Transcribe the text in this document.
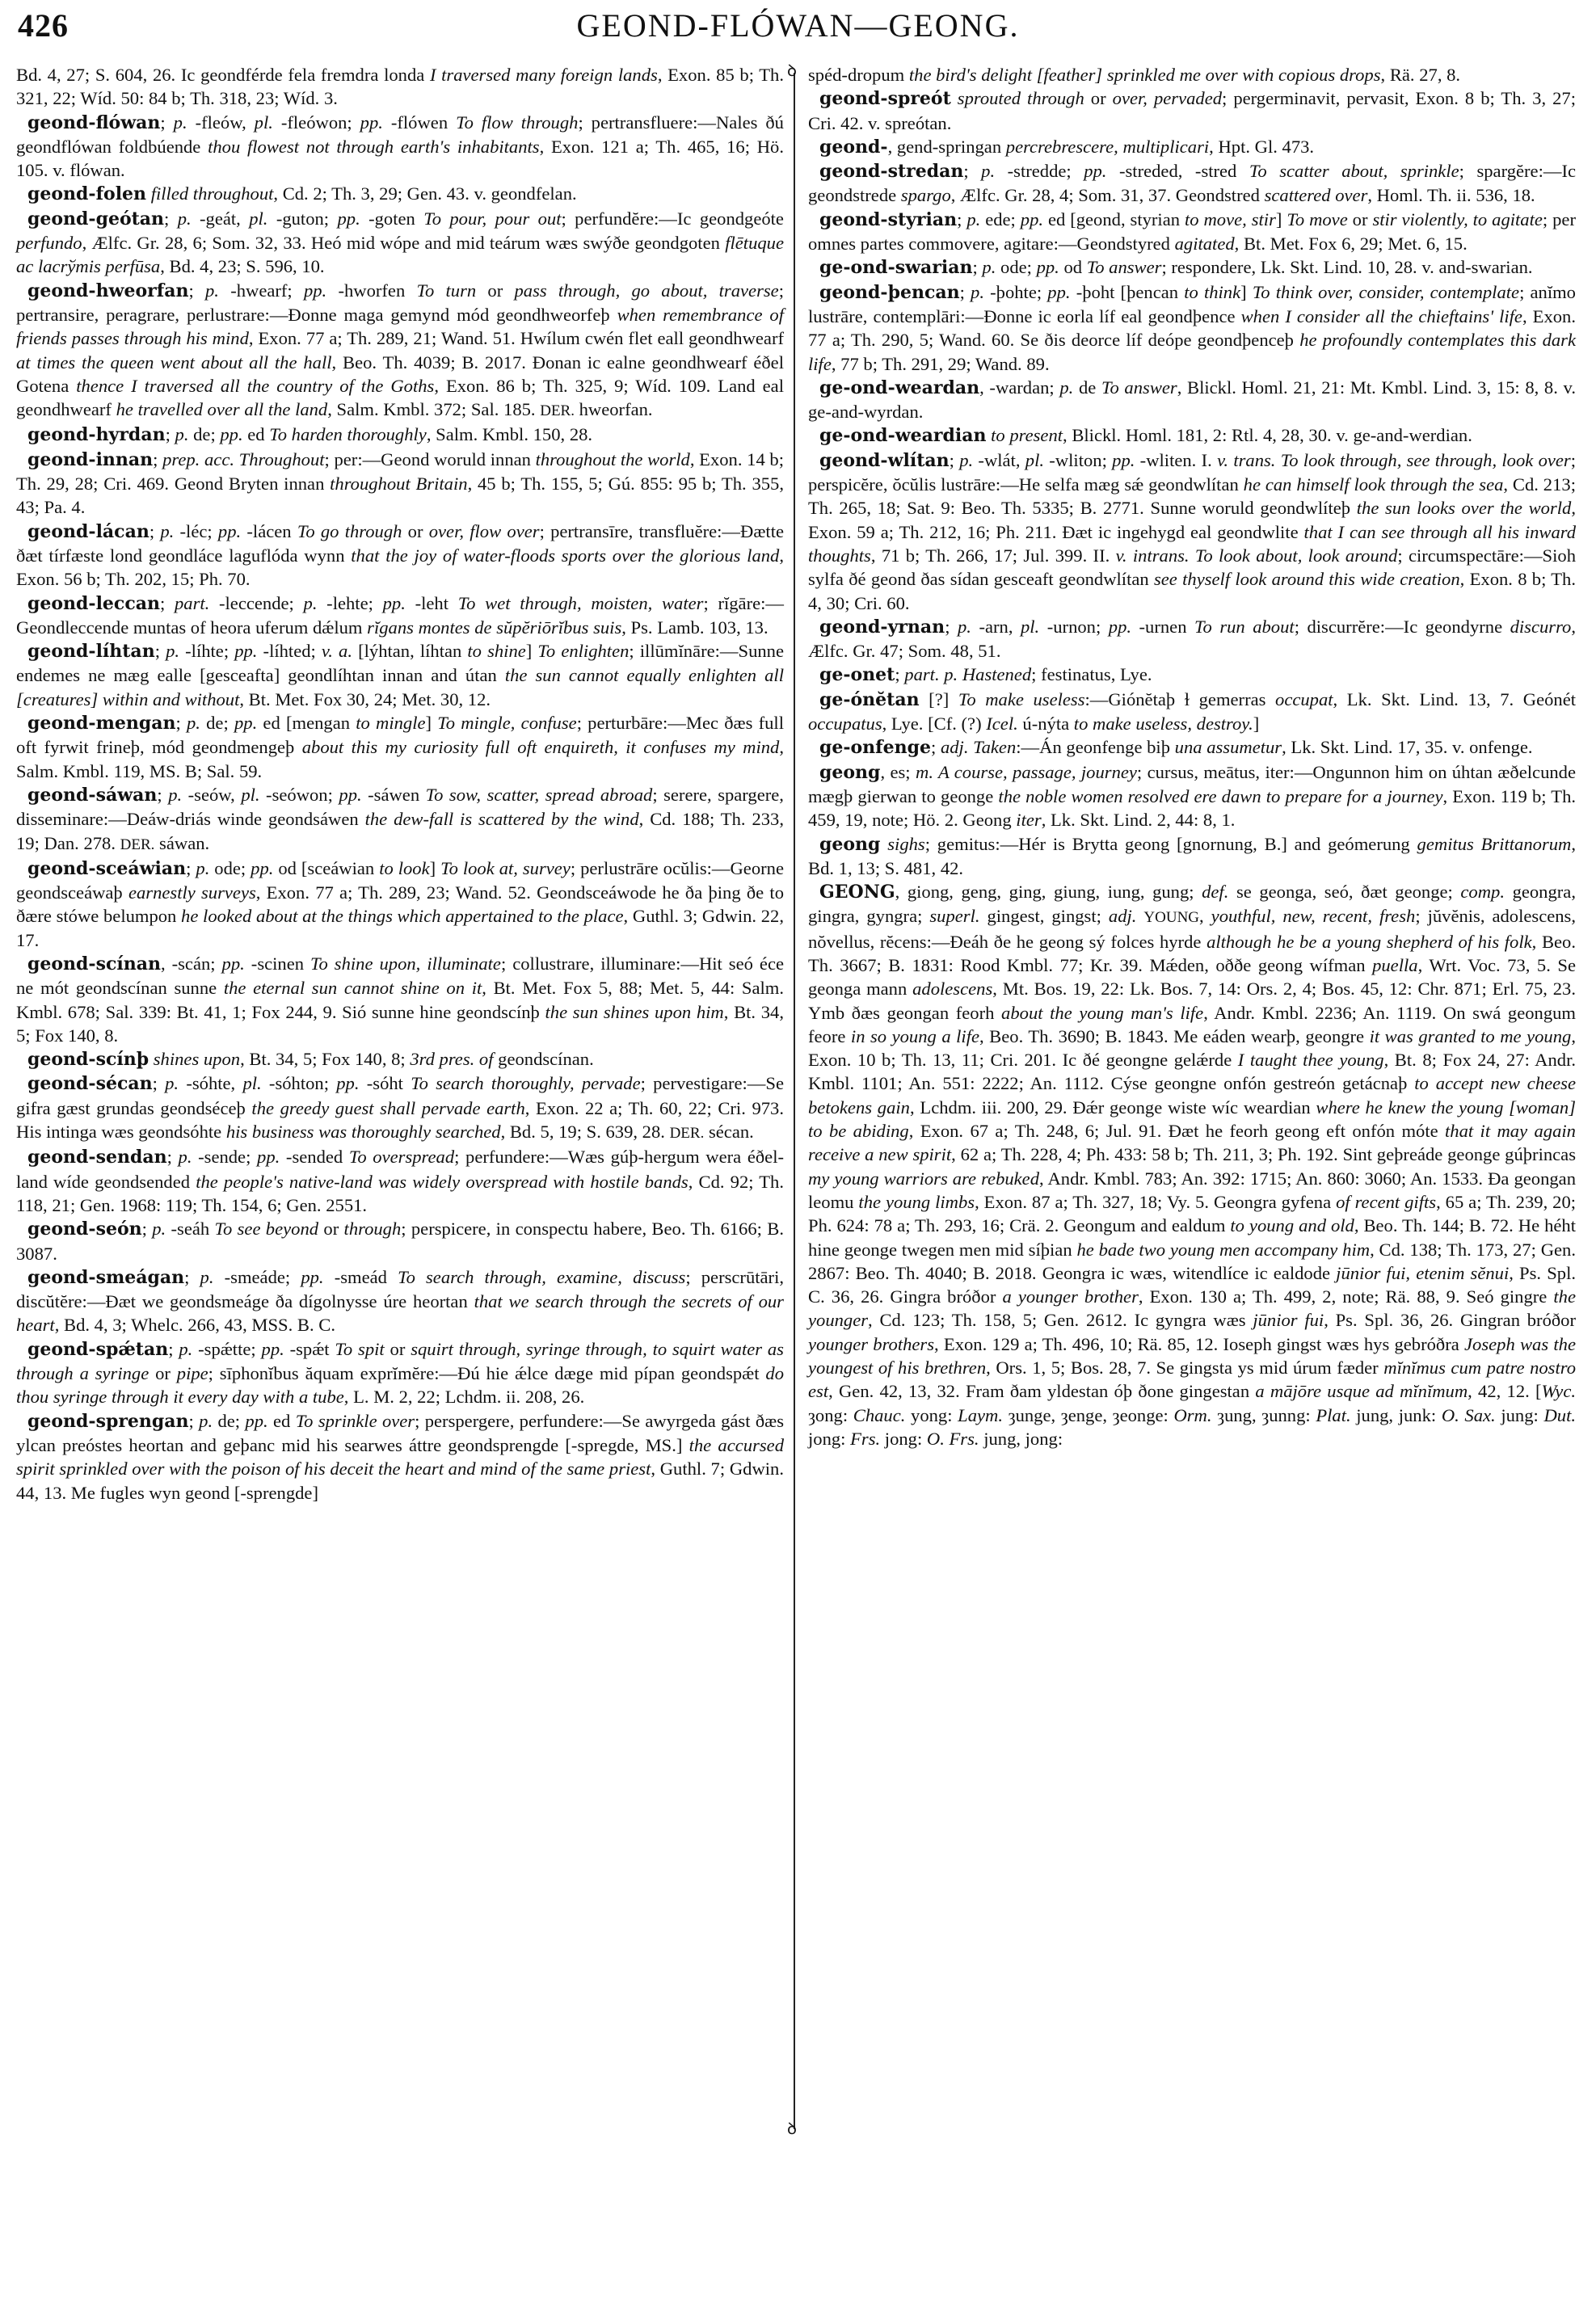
426	GEOND-FLÓWAN—GEONG.
ꝺ
ꝺ

Bd. 4, 27; S. 604, 26. Ic geondférde fela fremdra londa I traversed many foreign lands, Exon. 85 b; Th. 321, 22; Wíd. 50: 84 b; Th. 318, 23; Wíd. 3.

geond-flówan; p. -fleów, pl. -fleówon; pp. -flówen To flow through; pertransfluere:—Nales ðú geondflówan foldbúende thou flowest not through earth's inhabitants, Exon. 121 a; Th. 465, 16; Hö. 105. v. flówan.

geond-folen filled throughout, Cd. 2; Th. 3, 29; Gen. 43. v. geondfelan.

geond-geótan; p. -geát, pl. -guton; pp. -goten To pour, pour out; perfundĕre:—Ic geondgeóte perfundo, Ælfc. Gr. 28, 6; Som. 32, 33. Heó mid wópe and mid teárum wæs swýðe geondgoten flētuque ac lacrўmis perfūsa, Bd. 4, 23; S. 596, 10.

geond-hweorfan; p. -hwearf; pp. -hworfen To turn or pass through, go about, traverse; pertransire, peragrare, perlustrare:—Ðonne maga gemynd mód geondhweorfeþ when remembrance of friends passes through his mind, Exon. 77 a; Th. 289, 21; Wand. 51. Hwílum cwén flet eall geondhwearf at times the queen went about all the hall, Beo. Th. 4039; B. 2017. Ðonan ic ealne geondhwearf éðel Gotena thence I traversed all the country of the Goths, Exon. 86 b; Th. 325, 9; Wíd. 109. Land eal geondhwearf he travelled over all the land, Salm. Kmbl. 372; Sal. 185. DER. hweorfan.

geond-hyrdan; p. de; pp. ed To harden thoroughly, Salm. Kmbl. 150, 28.

geond-innan; prep. acc. Throughout; per:—Geond woruld innan throughout the world, Exon. 14 b; Th. 29, 28; Cri. 469. Geond Bryten innan throughout Britain, 45 b; Th. 155, 5; Gú. 855: 95 b; Th. 355, 43; Pa. 4.

geond-lácan; p. -léc; pp. -lácen To go through or over, flow over; pertransīre, transfluĕre:—Ðætte ðæt tírfæste lond geondláce laguflóda wynn that the joy of water-floods sports over the glorious land, Exon. 56 b; Th. 202, 15; Ph. 70.

geond-leccan; part. -leccende; p. -lehte; pp. -leht To wet through, moisten, water; rĭgāre:—Geondleccende muntas of heora uferum dǽlum rĭgans montes de sŭpĕriōrĭbus suis, Ps. Lamb. 103, 13.

geond-líhtan; p. -líhte; pp. -líhted; v. a. [lýhtan, líhtan to shine] To enlighten; illūmĭnāre:—Sunne endemes ne mæg ealle [gesceafta] geondlíhtan innan and útan the sun cannot equally enlighten all [creatures] within and without, Bt. Met. Fox 30, 24; Met. 30, 12.

geond-mengan; p. de; pp. ed [mengan to mingle] To mingle, confuse; perturbāre:—Mec ðæs full oft fyrwit frineþ, mód geondmengeþ about this my curiosity full oft enquireth, it confuses my mind, Salm. Kmbl. 119, MS. B; Sal. 59.

geond-sáwan; p. -seów, pl. -seówon; pp. -sáwen To sow, scatter, spread abroad; serere, spargere, disseminare:—Deáw-driás winde geondsáwen the dew-fall is scattered by the wind, Cd. 188; Th. 233, 19; Dan. 278. DER. sáwan.

geond-sceáwian; p. ode; pp. od [sceáwian to look] To look at, survey; perlustrāre ocŭlis:—Georne geondsceáwaþ earnestly surveys, Exon. 77 a; Th. 289, 23; Wand. 52. Geondsceáwode he ða þing ðe to ðære stówe belumpon he looked about at the things which appertained to the place, Guthl. 3; Gdwin. 22, 17.

geond-scínan, -scán; pp. -scinen To shine upon, illuminate; collustrare, illuminare:—Hit seó éce ne mót geondscínan sunne the eternal sun cannot shine on it, Bt. Met. Fox 5, 88; Met. 5, 44: Salm. Kmbl. 678; Sal. 339: Bt. 41, 1; Fox 244, 9. Sió sunne hine geondscínþ the sun shines upon him, Bt. 34, 5; Fox 140, 8.

geond-scínþ shines upon, Bt. 34, 5; Fox 140, 8; 3rd pres. of geondscínan.

geond-sécan; p. -sóhte, pl. -sóhton; pp. -sóht To search thoroughly, pervade; pervestigare:—Se gifra gæst grundas geondséceþ the greedy guest shall pervade earth, Exon. 22 a; Th. 60, 22; Cri. 973. His intinga wæs geondsóhte his business was thoroughly searched, Bd. 5, 19; S. 639, 28. DER. sécan.

geond-sendan; p. -sende; pp. -sended To overspread; perfundere:—Wæs gúþ-hergum wera éðel-land wíde geondsended the people's native-land was widely overspread with hostile bands, Cd. 92; Th. 118, 21; Gen. 1968: 119; Th. 154, 6; Gen. 2551.

geond-seón; p. -seáh To see beyond or through; perspicere, in conspectu habere, Beo. Th. 6166; B. 3087.

geond-smeágan; p. -smeáde; pp. -smeád To search through, examine, discuss; perscrūtāri, discŭtĕre:—Ðæt we geondsmeáge ða dígolnysse úre heortan that we search through the secrets of our heart, Bd. 4, 3; Whelc. 266, 43, MSS. B. C.

geond-spǽtan; p. -spǽtte; pp. -spǽt To spit or squirt through, syringe through, to squirt water as through a syringe or pipe; sīphonĭbus ăquam exprĭmĕre:—Ðú hie ǽlce dæge mid pípan geondspǽt do thou syringe through it every day with a tube, L. M. 2, 22; Lchdm. ii. 208, 26.

geond-sprengan; p. de; pp. ed To sprinkle over; perspergere, perfundere:—Se awyrgeda gást ðæs ylcan preóstes heortan and geþanc mid his searwes áttre geondsprengde [-spregde, MS.] the accursed spirit sprinkled over with the poison of his deceit the heart and mind of the same priest, Guthl. 7; Gdwin. 44, 13. Me fugles wyn geond [-sprengde]

spéd-dropum the bird's delight [feather] sprinkled me over with copious drops, Rä. 27, 8.

geond-spreót sprouted through or over, pervaded; pergerminavit, pervasit, Exon. 8 b; Th. 3, 27; Cri. 42. v. spreótan.

geond-, gend-springan percrebrescere, multiplicari, Hpt. Gl. 473.

geond-stredan; p. -stredde; pp. -streded, -stred To scatter about, sprinkle; spargĕre:—Ic geondstrede spargo, Ælfc. Gr. 28, 4; Som. 31, 37. Geondstred scattered over, Homl. Th. ii. 536, 18.

geond-styrian; p. ede; pp. ed [geond, styrian to move, stir] To move or stir violently, to agitate; per omnes partes commovere, agitare:—Geondstyred agitated, Bt. Met. Fox 6, 29; Met. 6, 15.

ge-ond-swarian; p. ode; pp. od To answer; respondere, Lk. Skt. Lind. 10, 28. v. and-swarian.

geond-þencan; p. -þohte; pp. -þoht [þencan to think] To think over, consider, contemplate; anĭmo lustrāre, contemplāri:—Ðonne ic eorla líf eal geondþence when I consider all the chieftains' life, Exon. 77 a; Th. 290, 5; Wand. 60. Se ðis deorce líf deópe geondþenceþ he profoundly contemplates this dark life, 77 b; Th. 291, 29; Wand. 89.

ge-ond-weardan, -wardan; p. de To answer, Blickl. Homl. 21, 21: Mt. Kmbl. Lind. 3, 15: 8, 8. v. ge-and-wyrdan.

ge-ond-weardian to present, Blickl. Homl. 181, 2: Rtl. 4, 28, 30. v. ge-and-werdian.

geond-wlítan; p. -wlát, pl. -wliton; pp. -wliten. I. v. trans. To look through, see through, look over; perspicĕre, ŏcŭlis lustrāre:—He selfa mæg sǽ geondwlítan he can himself look through the sea, Cd. 213; Th. 265, 18; Sat. 9: Beo. Th. 5335; B. 2771. Sunne woruld geondwlíteþ the sun looks over the world, Exon. 59 a; Th. 212, 16; Ph. 211. Ðæt ic ingehygd eal geondwlite that I can see through all his inward thoughts, 71 b; Th. 266, 17; Jul. 399. II. v. intrans. To look about, look around; circumspectāre:—Sioh sylfa ðé geond ðas sídan gesceaft geondwlítan see thyself look around this wide creation, Exon. 8 b; Th. 4, 30; Cri. 60.

geond-yrnan; p. -arn, pl. -urnon; pp. -urnen To run about; discurrĕre:—Ic geondyrne discurro, Ælfc. Gr. 47; Som. 48, 51.

ge-onet; part. p. Hastened; festinatus, Lye.

ge-ónĕtan [?] To make useless:—Giónĕtaþ ɫ gemerras occupat, Lk. Skt. Lind. 13, 7. Geónét occupatus, Lye. [Cf. (?) Icel. ú-nýta to make useless, destroy.]

ge-onfenge; adj. Taken:—Án geonfenge biþ una assumetur, Lk. Skt. Lind. 17, 35. v. onfenge.

geong, es; m. A course, passage, journey; cursus, meātus, iter:—Ongunnon him on úhtan æðelcunde mægþ gierwan to geonge the noble women resolved ere dawn to prepare for a journey, Exon. 119 b; Th. 459, 19, note; Hö. 2. Geong iter, Lk. Skt. Lind. 2, 44: 8, 1.

geong sighs; gemitus:—Hér is Brytta geong [gnornung, B.] and geómerung gemitus Brittanorum, Bd. 1, 13; S. 481, 42.

GEONG, giong, geng, ging, giung, iung, gung; def. se geonga, seó, ðæt geonge; comp. geongra, gingra, gyngra; superl. gingest, gingst; adj. YOUNG, youthful, new, recent, fresh; jŭvĕnis, adolescens, nŏvellus, rĕcens:—Ðeáh ðe he geong sý folces hyrde although he be a young shepherd of his folk, Beo. Th. 3667; B. 1831: Rood Kmbl. 77; Kr. 39. Mǽden, oððe geong wífman puella, Wrt. Voc. 73, 5. Se geonga mann adolescens, Mt. Bos. 19, 22: Lk. Bos. 7, 14: Ors. 2, 4; Bos. 45, 12: Chr. 871; Erl. 75, 23. Ymb ðæs geongan feorh about the young man's life, Andr. Kmbl. 2236; An. 1119. On swá geongum feore in so young a life, Beo. Th. 3690; B. 1843. Me eáden wearþ, geongre it was granted to me young, Exon. 10 b; Th. 13, 11; Cri. 201. Ic ðé geongne gelǽrde I taught thee young, Bt. 8; Fox 24, 27: Andr. Kmbl. 1101; An. 551: 2222; An. 1112. Cýse geongne onfón gestreón getácnaþ to accept new cheese betokens gain, Lchdm. iii. 200, 29. Ðǽr geonge wiste wíc weardian where he knew the young [woman] to be abiding, Exon. 67 a; Th. 248, 6; Jul. 91. Ðæt he feorh geong eft onfón móte that it may again receive a new spirit, 62 a; Th. 228, 4; Ph. 433: 58 b; Th. 211, 3; Ph. 192. Sint geþreáde geonge gúþrincas my young warriors are rebuked, Andr. Kmbl. 783; An. 392: 1715; An. 860: 3060; An. 1533. Ða geongan leomu the young limbs, Exon. 87 a; Th. 327, 18; Vy. 5. Geongra gyfena of recent gifts, 65 a; Th. 239, 20; Ph. 624: 78 a; Th. 293, 16; Crä. 2. Geongum and ealdum to young and old, Beo. Th. 144; B. 72. He héht hine geonge twegen men mid síþian he bade two young men accompany him, Cd. 138; Th. 173, 27; Gen. 2867: Beo. Th. 4040; B. 2018. Geongra ic wæs, witendlíce ic ealdode jūnior fui, etenim sĕnui, Ps. Spl. C. 36, 26. Gingra bróðor a younger brother, Exon. 130 a; Th. 499, 2, note; Rä. 88, 9. Seó gingre the younger, Cd. 123; Th. 158, 5; Gen. 2612. Ic gyngra wæs jūnior fui, Ps. Spl. 36, 26. Gingran bróðor younger brothers, Exon. 129 a; Th. 496, 10; Rä. 85, 12. Ioseph gingst wæs hys gebróðra Joseph was the youngest of his brethren, Ors. 1, 5; Bos. 28, 7. Se gingsta ys mid úrum fæder mĭnĭmus cum patre nostro est, Gen. 42, 13, 32. Fram ðam yldestan óþ ðone gingestan a mājōre usque ad mĭnĭmum, 42, 12. [Wyc. ȝong: Chauc. yong: Laym. ȝunge, ȝenge, ȝeonge: Orm. ȝung, ȝunng: Plat. jung, junk: O. Sax. jung: Dut. jong: Frs. jong: O. Frs. jung, jong:
